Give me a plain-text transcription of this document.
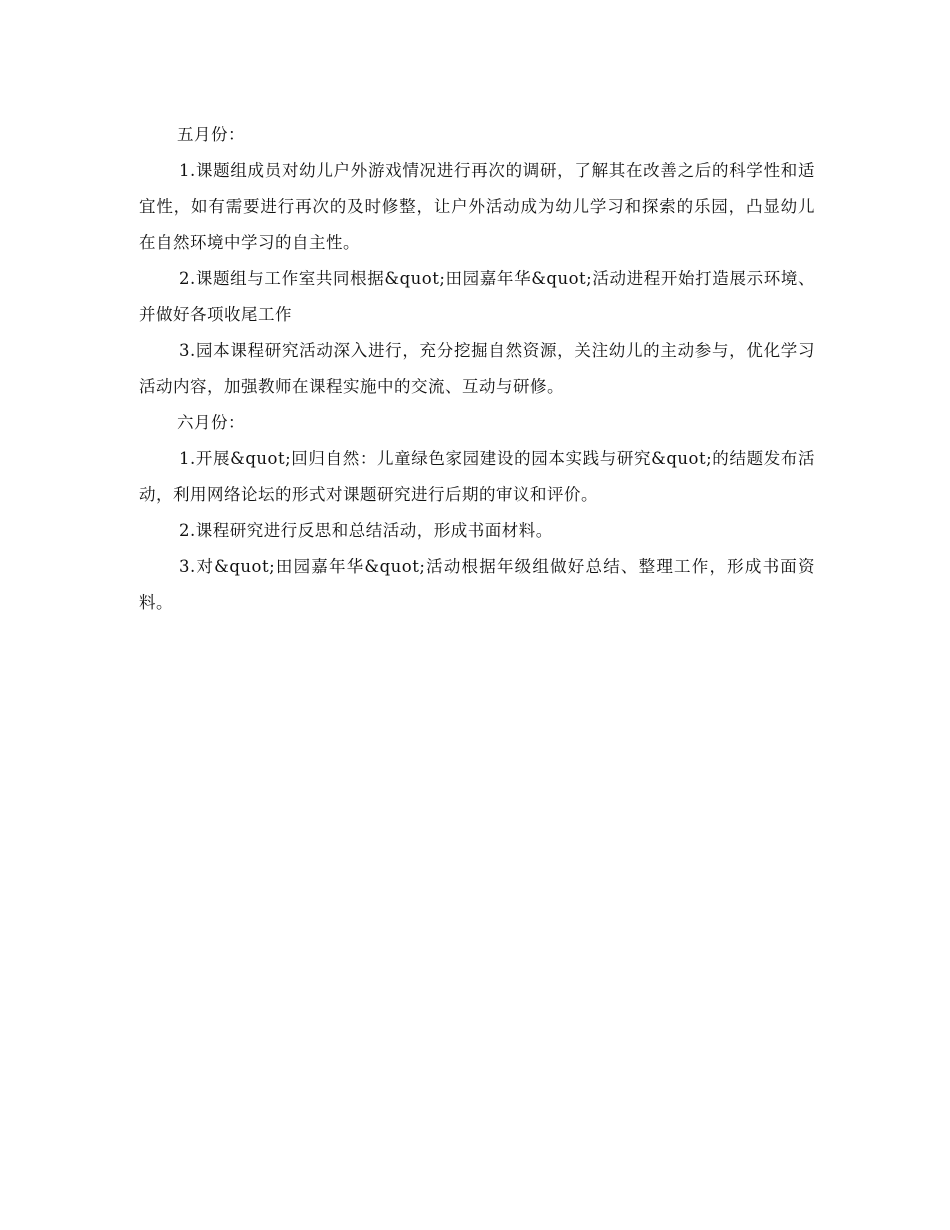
五月份：

1.课题组成员对幼儿户外游戏情况进行再次的调研，了解其在改善之后的科学性和适宜性，如有需要进行再次的及时修整，让户外活动成为幼儿学习和探索的乐园，凸显幼儿在自然环境中学习的自主性。

2.课题组与工作室共同根据&quot;田园嘉年华&quot;活动进程开始打造展示环境、并做好各项收尾工作

3.园本课程研究活动深入进行，充分挖掘自然资源，关注幼儿的主动参与，优化学习活动内容，加强教师在课程实施中的交流、互动与研修。

六月份：

1.开展&quot;回归自然：儿童绿色家园建设的园本实践与研究&quot;的结题发布活动，利用网络论坛的形式对课题研究进行后期的审议和评价。

2.课程研究进行反思和总结活动，形成书面材料。

3.对&quot;田园嘉年华&quot;活动根据年级组做好总结、整理工作，形成书面资料。
